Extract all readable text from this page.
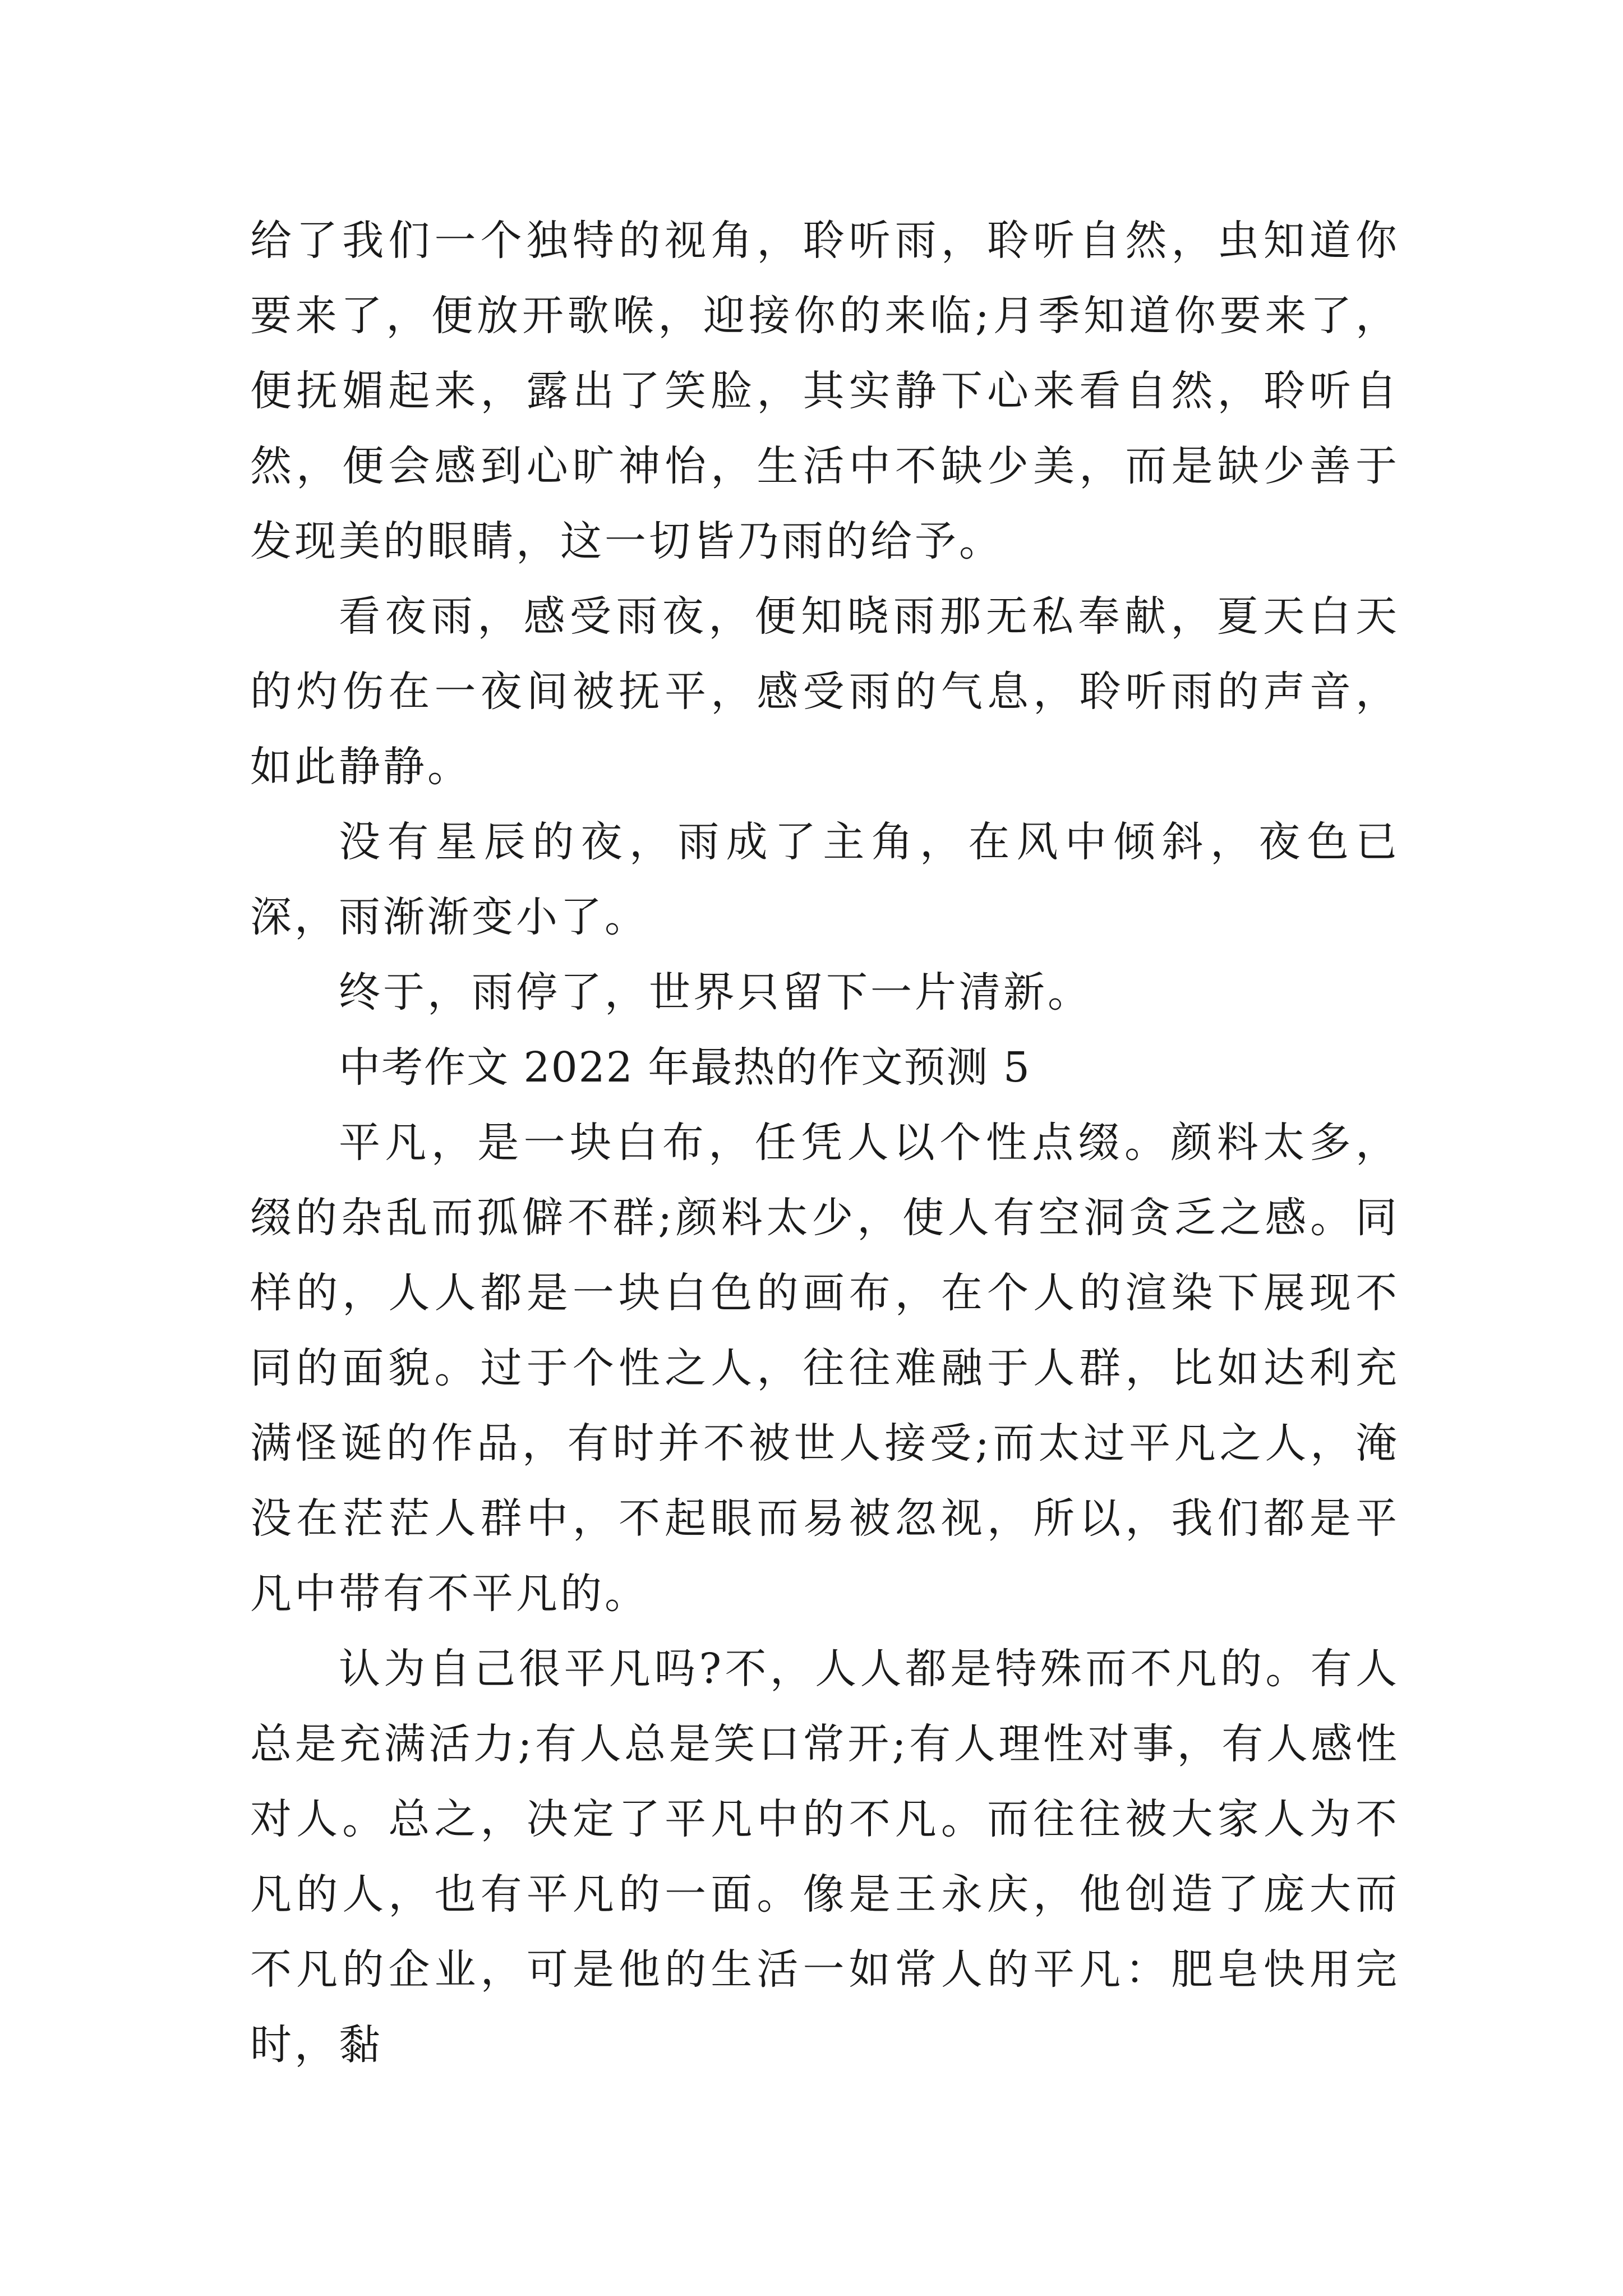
给了我们一个独特的视角，聆听雨，聆听自然，虫知道你要来了，便放开歌喉，迎接你的来临;月季知道你要来了，便抚媚起来，露出了笑脸，其实静下心来看自然，聆听自然，便会感到心旷神怡，生活中不缺少美，而是缺少善于发现美的眼睛，这一切皆乃雨的给予。

看夜雨，感受雨夜，便知晓雨那无私奉献，夏天白天的灼伤在一夜间被抚平，感受雨的气息，聆听雨的声音，如此静静。

没有星辰的夜，雨成了主角，在风中倾斜，夜色已深，雨渐渐变小了。

终于，雨停了，世界只留下一片清新。

中考作文 2022 年最热的作文预测 5

平凡，是一块白布，任凭人以个性点缀。颜料太多，缀的杂乱而孤僻不群;颜料太少，使人有空洞贪乏之感。同样的，人人都是一块白色的画布，在个人的渲染下展现不同的面貌。过于个性之人，往往难融于人群，比如达利充满怪诞的作品，有时并不被世人接受;而太过平凡之人，淹没在茫茫人群中，不起眼而易被忽视，所以，我们都是平凡中带有不平凡的。

认为自己很平凡吗?不，人人都是特殊而不凡的。有人总是充满活力;有人总是笑口常开;有人理性对事，有人感性对人。总之，决定了平凡中的不凡。而往往被大家人为不凡的人，也有平凡的一面。像是王永庆，他创造了庞大而不凡的企业，可是他的生活一如常人的平凡：肥皂快用完时，黏
